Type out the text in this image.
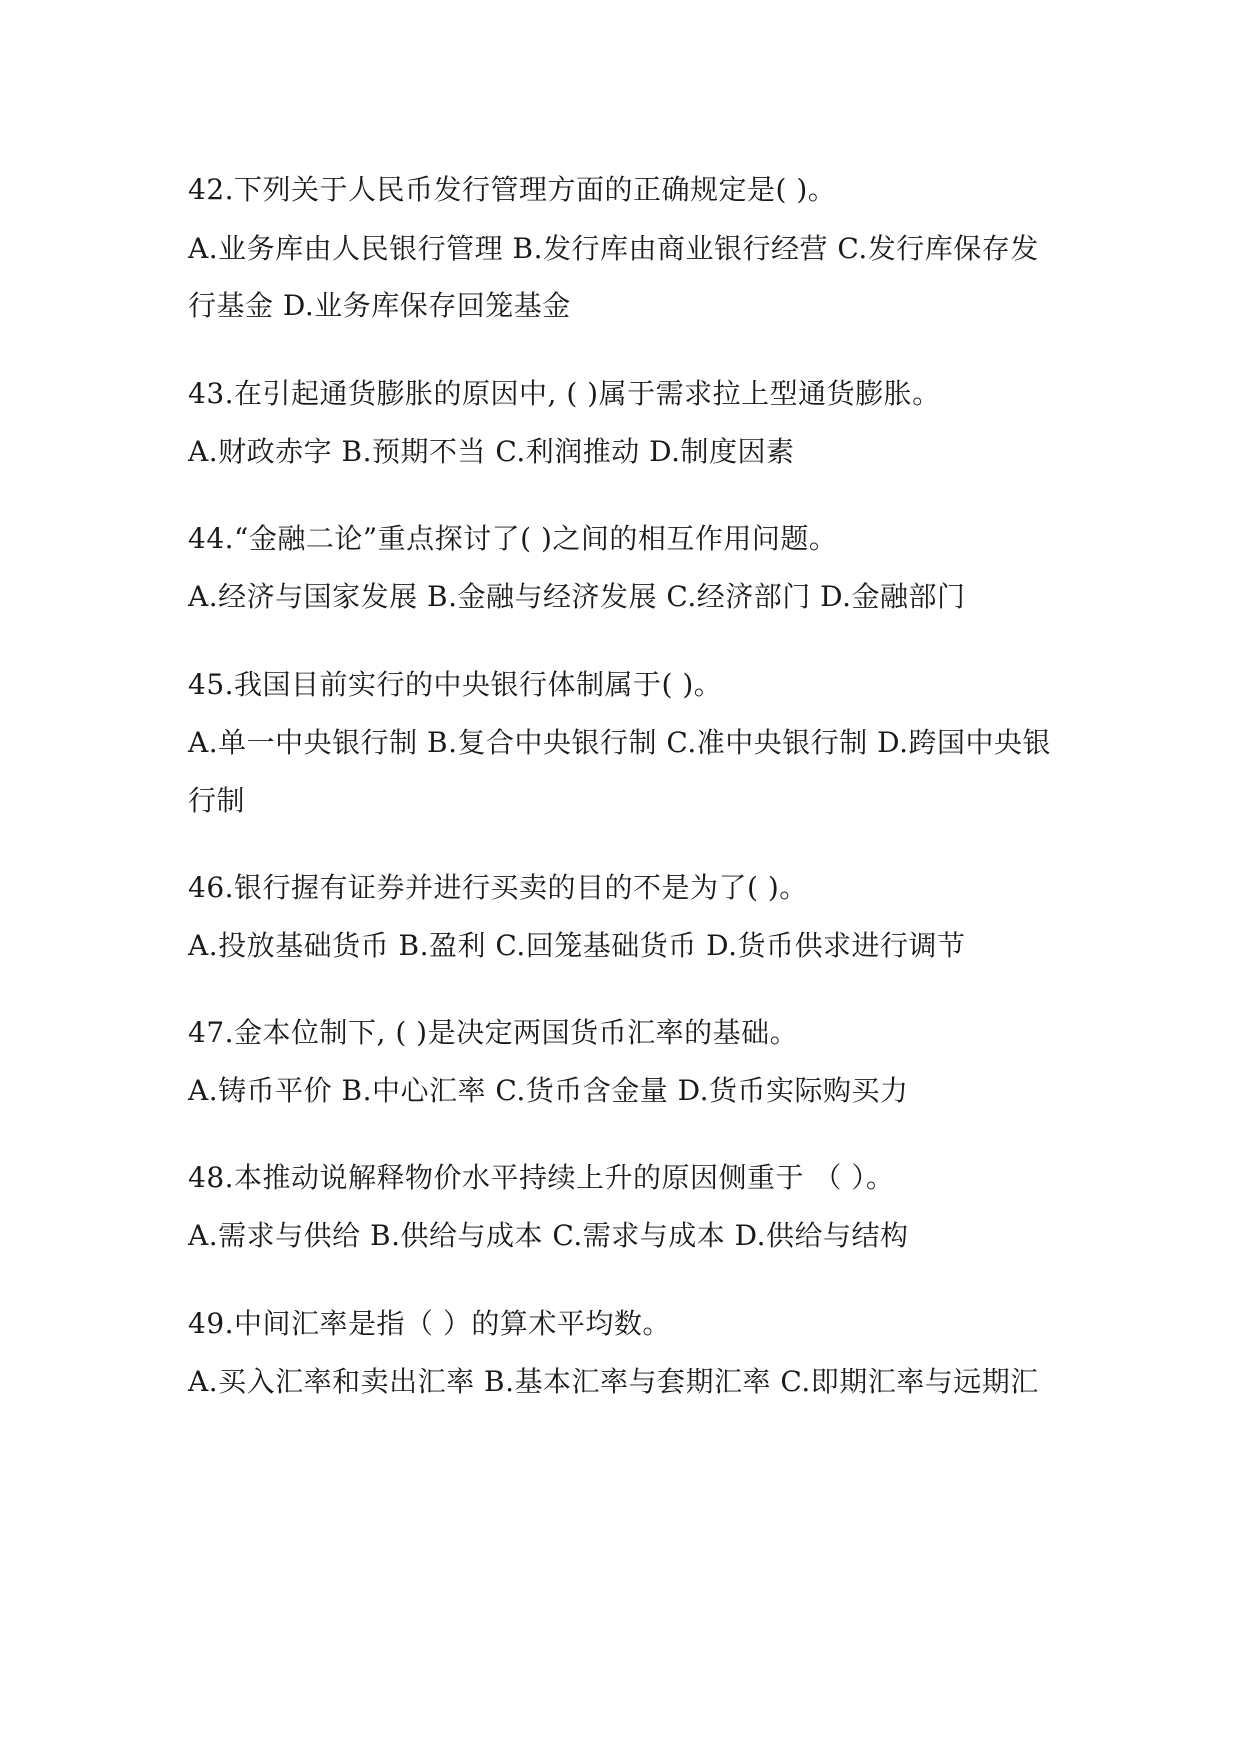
42.下列关于人民币发行管理方面的正确规定是( )。
A.业务库由人民银行管理 B.发行库由商业银行经营 C.发行库保存发
行基金 D.业务库保存回笼基金
43.在引起通货膨胀的原因中, ( )属于需求拉上型通货膨胀。
A.财政赤字 B.预期不当 C.利润推动 D.制度因素
44.“金融二论”重点探讨了( )之间的相互作用问题。
A.经济与国家发展 B.金融与经济发展 C.经济部门 D.金融部门
45.我国目前实行的中央银行体制属于( )。
A.单一中央银行制 B.复合中央银行制 C.准中央银行制 D.跨国中央银
行制
46.银行握有证券并进行买卖的目的不是为了( )。
A.投放基础货币 B.盈利 C.回笼基础货币 D.货币供求进行调节
47.金本位制下, ( )是决定两国货币汇率的基础。
A.铸币平价 B.中心汇率 C.货币含金量 D.货币实际购买力
48.本推动说解释物价水平持续上升的原因侧重于 （ ）。
A.需求与供给 B.供给与成本 C.需求与成本 D.供给与结构
49.中间汇率是指（ ）的算术平均数。
A.买入汇率和卖出汇率 B.基本汇率与套期汇率 C.即期汇率与远期汇
